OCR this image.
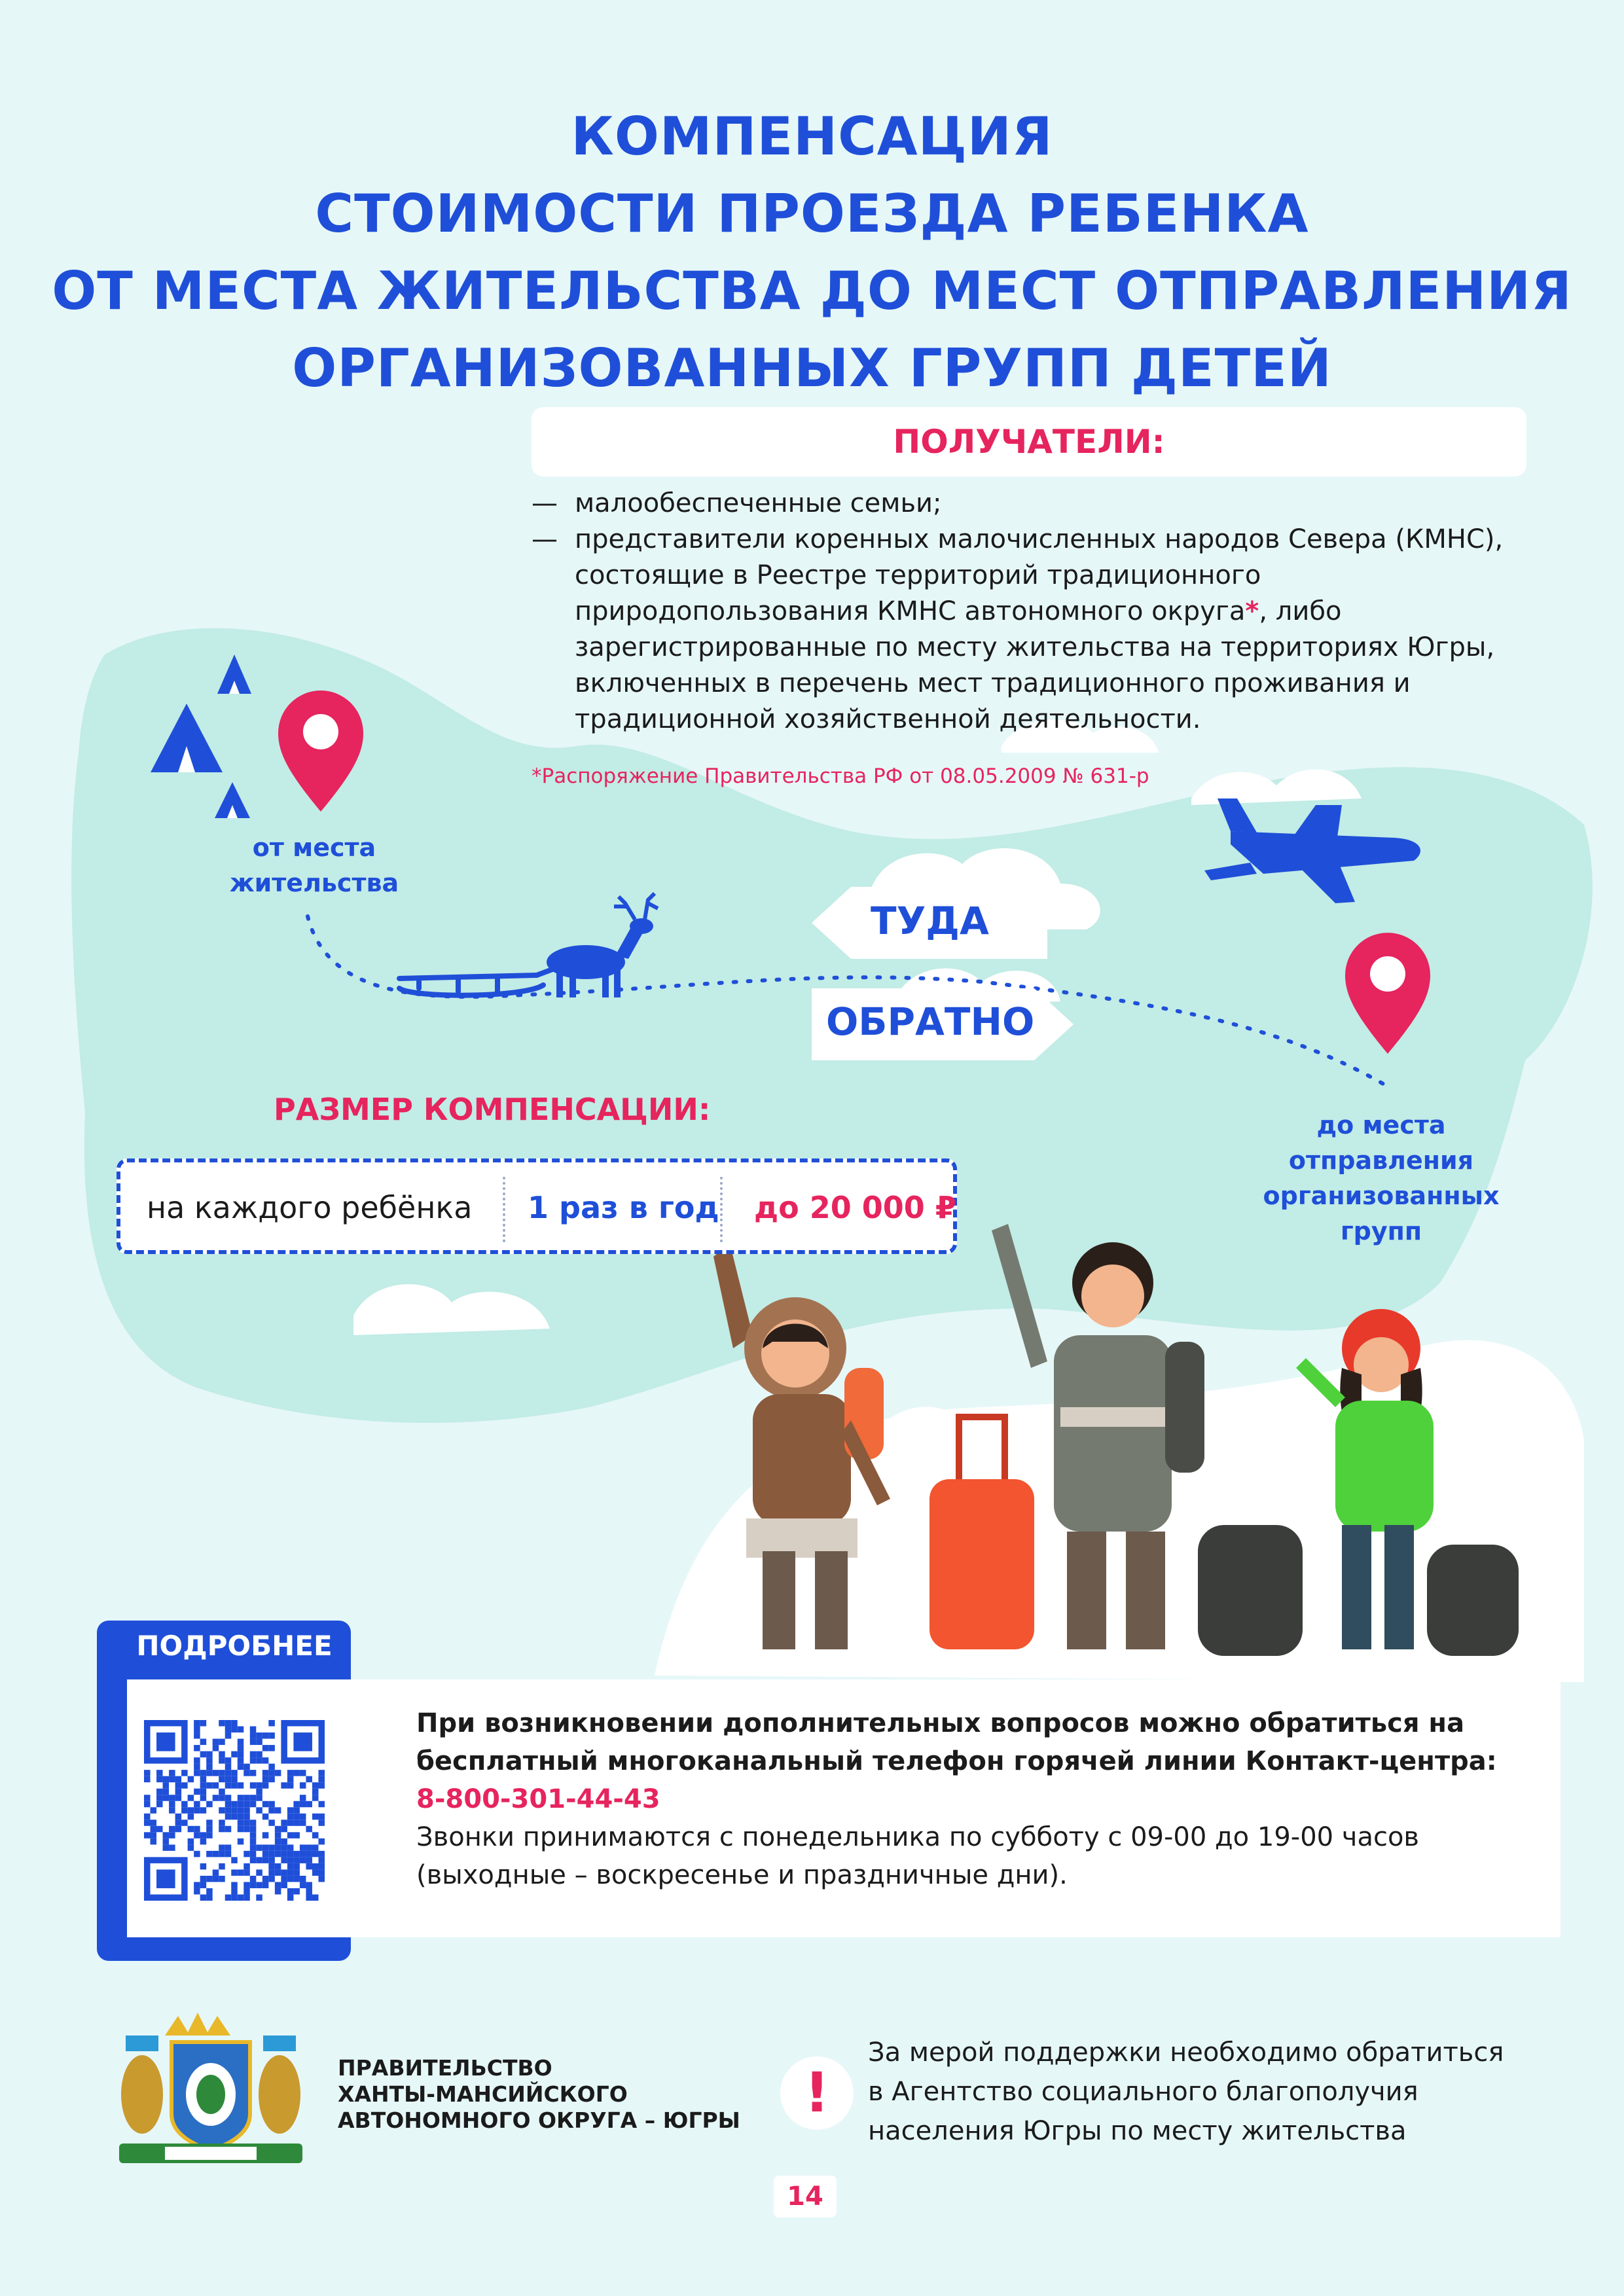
КОМПЕНСАЦИЯ
СТОИМОСТИ ПРОЕЗДА РЕБЕНКА
ОТ МЕСТА ЖИТЕЛЬСТВА ДО МЕСТ ОТПРАВЛЕНИЯ
ОРГАНИЗОВАННЫХ ГРУПП ДЕТЕЙ
ПОЛУЧАТЕЛИ:
— малообеспеченные семьи;
— представители коренных малочисленных народов Севера (КМНС), состоящие в Реестре территорий традиционного природопользования КМНС автономного округа*, либо зарегистрированные по месту жительства на территориях Югры, включенных в перечень мест традиционного проживания и традиционной хозяйственной деятельности.
*Распоряжение Правительства РФ от 08.05.2009 № 631-р
от места
жительства
до места
отправления
организованных
групп
ТУДА
ОБРАТНО
РАЗМЕР КОМПЕНСАЦИИ:
на каждого ребёнка 1 раз в год до 20 000 ₽
ПОДРОБНЕЕ
При возникновении дополнительных вопросов можно обратиться на
бесплатный многоканальный телефон горячей линии Контакт-центра:
8-800-301-44-43
Звонки принимаются с понедельника по субботу с 09-00 до 19-00 часов
(выходные – воскресенье и праздничные дни).
ПРАВИТЕЛЬСТВО
ХАНТЫ-МАНСИЙСКОГО
АВТОНОМНОГО ОКРУГА – ЮГРЫ	!
За мерой поддержки необходимо обратиться
в Агентство социального благополучия
населения Югры по месту жительства
14
